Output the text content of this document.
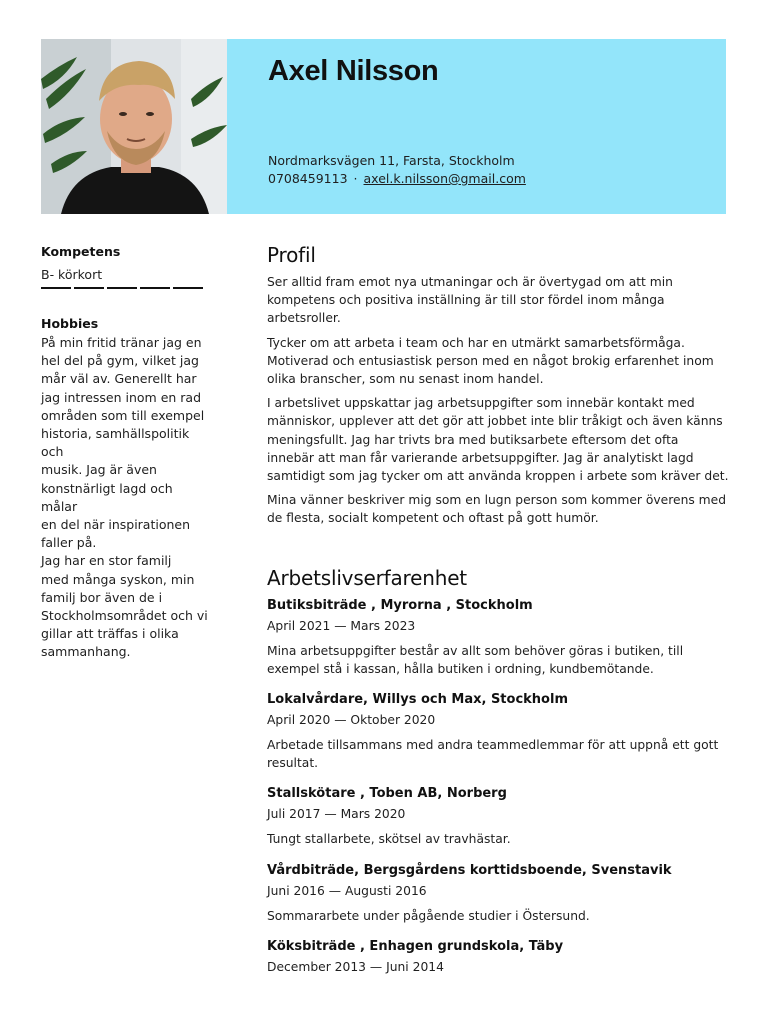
Axel Nilsson
Nordmarksvägen 11, Farsta, Stockholm
0708459113 · axel.k.nilsson@gmail.com
Kompetens
B- körkort
Hobbies
På min fritid tränar jag en
hel del på gym, vilket jag
mår väl av. Generellt har
jag intressen inom en rad
områden som till exempel
historia, samhällspolitik och
musik. Jag är även
konstnärligt lagd och målar
en del när inspirationen
faller på.
Jag har en stor familj
med många syskon, min
familj bor även de i
Stockholmsområdet och vi
gillar att träffas i olika
sammanhang.
Profil

Ser alltid fram emot nya utmaningar och är övertygad om att min kompetens och positiva inställning är till stor fördel inom många arbetsroller.

Tycker om att arbeta i team och har en utmärkt samarbetsförmåga. Motiverad och entusiastisk person med en något brokig erfarenhet inom olika branscher, som nu senast inom handel.

I arbetslivet uppskattar jag arbetsuppgifter som innebär kontakt med människor, upplever att det gör att jobbet inte blir tråkigt och även känns meningsfullt. Jag har trivts bra med butiksarbete eftersom det ofta innebär att man får varierande arbetsuppgifter. Jag är analytiskt lagd samtidigt som jag tycker om att använda kroppen i arbete som kräver det.

Mina vänner beskriver mig som en lugn person som kommer överens med de flesta, socialt kompetent och oftast på gott humör.

Arbetslivserfarenhet
Butiksbiträde , Myrorna , Stockholm
April 2021 — Mars 2023
Mina arbetsuppgifter består av allt som behöver göras i butiken, till exempel stå i kassan, hålla butiken i ordning, kundbemötande.
Lokalvårdare, Willys och Max, Stockholm
April 2020 — Oktober 2020
Arbetade tillsammans med andra teammedlemmar för att uppnå ett gott resultat.
Stallskötare , Toben AB, Norberg
Juli 2017 — Mars 2020
Tungt stallarbete, skötsel av travhästar.
Vårdbiträde, Bergsgårdens korttidsboende, Svenstavik
Juni 2016 — Augusti 2016
Sommararbete under pågående studier i Östersund.
Köksbiträde , Enhagen grundskola, Täby
December 2013 — Juni 2014
